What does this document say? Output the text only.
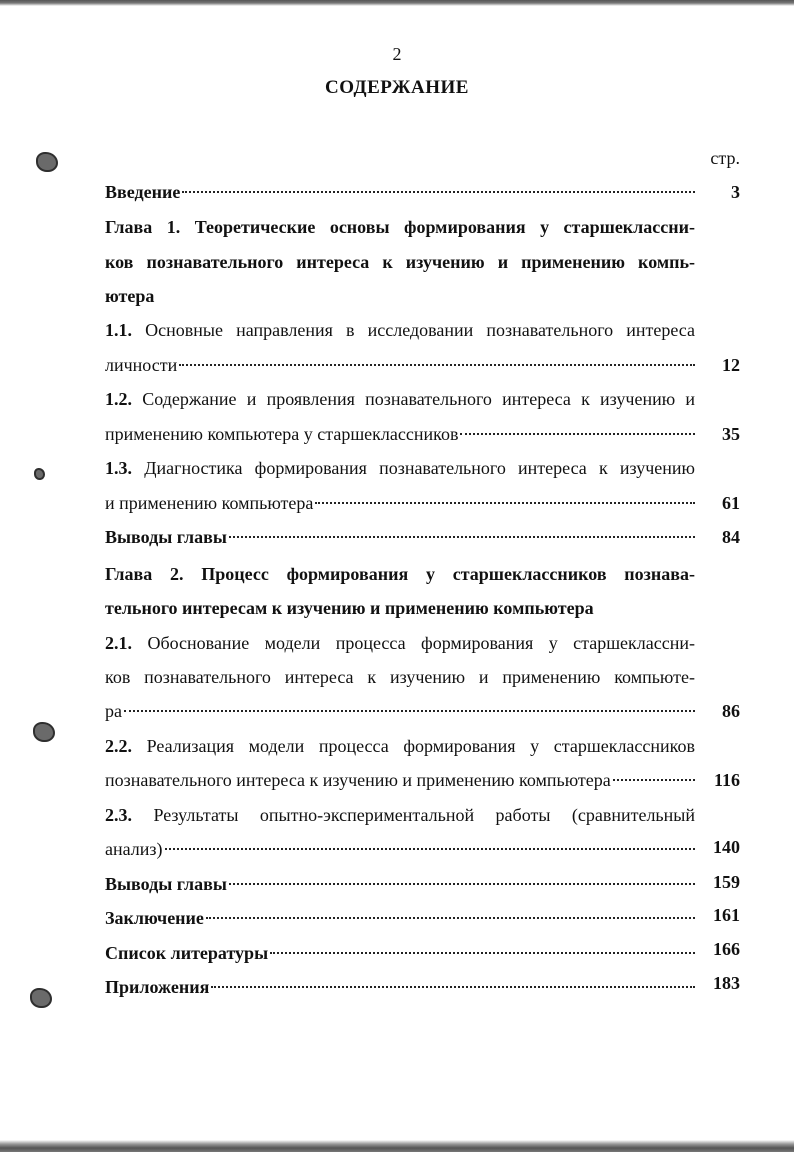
2
СОДЕРЖАНИЕ
стр.
Введение	3
Глава 1. Теоретические основы формирования у старшеклассни-
ков познавательного интереса к изучению и применению компь-
ютера
1.1. Основные направления в исследовании познавательного интереса
личности	12
1.2. Содержание и проявления познавательного интереса к изучению и
применению компьютера у старшеклассников	35
1.3. Диагностика формирования познавательного интереса к изучению
и применению компьютера	61
Выводы главы	84
Глава 2. Процесс формирования у старшеклассников познава-
тельного интересам к изучению и применению компьютера
2.1. Обоснование модели процесса формирования у старшеклассни-
ков познавательного интереса к изучению и применению компьюте-
ра	86
2.2. Реализация модели процесса формирования у старшеклассников
познавательного интереса к изучению и применению компьютера	116
2.3. Результаты опытно-экспериментальной работы (сравнительный
анализ)	140
Выводы главы	159
Заключение	161
Список литературы	166
Приложения	183
